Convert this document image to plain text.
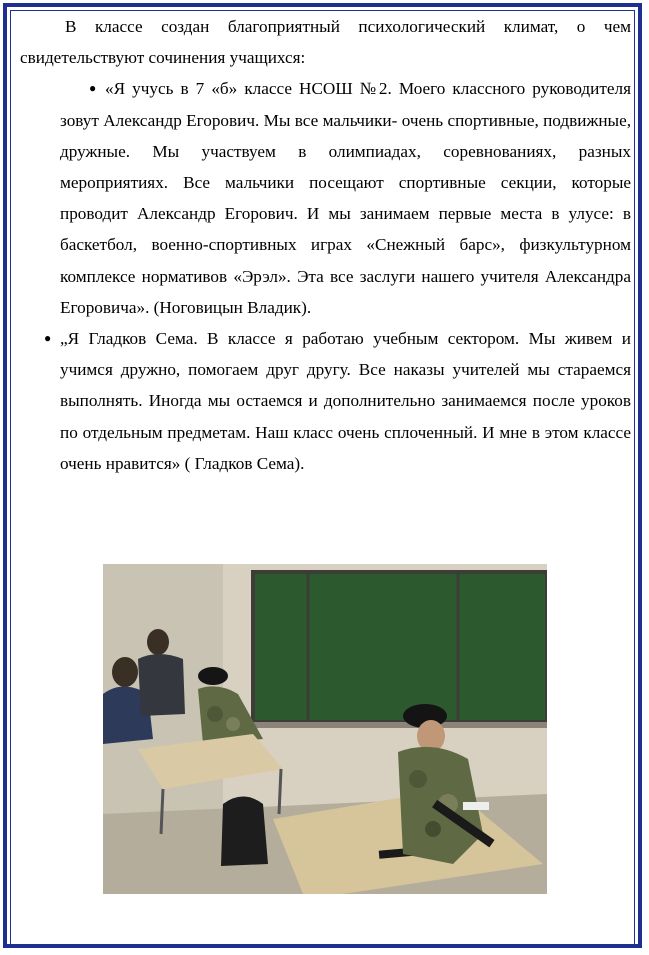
В классе создан благоприятный психологический климат, о чем свидетельствуют сочинения учащихся:

● «Я учусь в 7 «б» классе НСОШ №2. Моего классного руководителя зовут Александр Егорович. Мы все мальчики- очень спортивные, подвижные, дружные. Мы участвуем в олимпиадах, соревнованиях, разных мероприятиях. Все мальчики посещают спортивные секции, которые проводит Александр Егорович. И мы занимаем первые места в улусе: в баскетбол, военно-спортивных играх «Снежный барс», физкультурном комплексе нормативов «Эрэл». Эта все заслуги нашего учителя Александра Егоровича». (Ноговицын Владик).
● „Я Гладков Сема. В классе я работаю учебным сектором. Мы живем и учимся дружно, помогаем друг другу. Все наказы учителей мы стараемся выполнять. Иногда мы остаемся и дополнительно занимаемся после уроков по отдельным предметам. Наш класс очень сплоченный. И мне в этом классе очень нравится» ( Гладков Сема).
